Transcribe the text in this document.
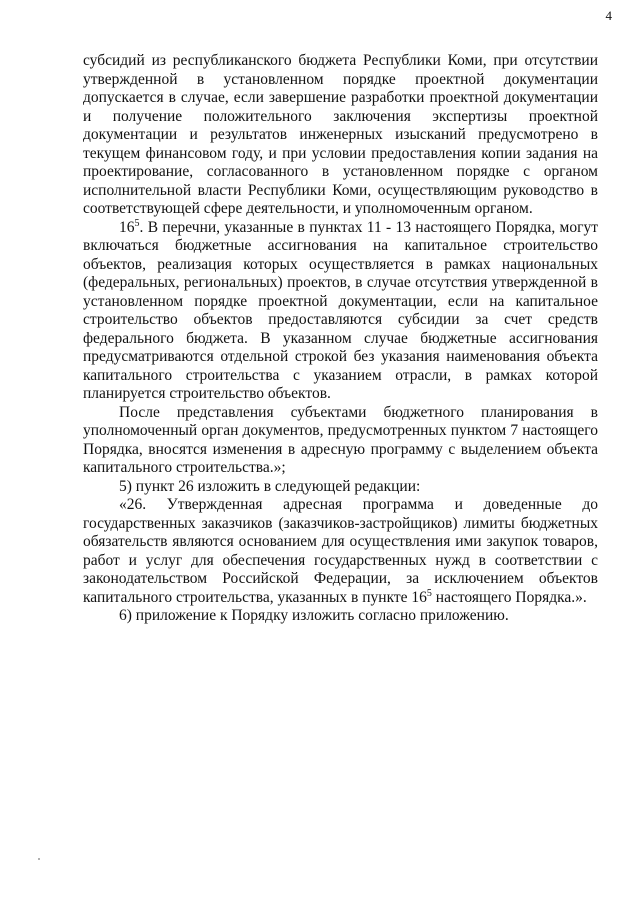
4

субсидий из республиканского бюджета Республики Коми, при отсутствии утвержденной в установленном порядке проектной документации допускается в случае, если завершение разработки проектной документации и получение положительного заключения экспертизы проектной документации и результатов инженерных изысканий предусмотрено в текущем финансовом году, и при условии предоставления копии задания на проектирование, согласованного в установленном порядке с органом исполнительной власти Республики Коми, осуществляющим руководство в соответствующей сфере деятельности, и уполномоченным органом.

$16^5$. В перечни, указанные в пунктах 11 - 13 настоящего Порядка, могут включаться бюджетные ассигнования на капитальное строительство объектов, реализация которых осуществляется в рамках национальных (федеральных, региональных) проектов, в случае отсутствия утвержденной в установленном порядке проектной документации, если на капитальное строительство объектов предоставляются субсидии за счет средств федерального бюджета. В указанном случае бюджетные ассигнования предусматриваются отдельной строкой без указания наименования объекта капитального строительства с указанием отрасли, в рамках которой планируется строительство объектов.

После представления субъектами бюджетного планирования в уполномоченный орган документов, предусмотренных пунктом 7 настоящего Порядка, вносятся изменения в адресную программу с выделением объекта капитального строительства.»;

5) пункт 26 изложить в следующей редакции:

«26. Утвержденная адресная программа и доведенные до государственных заказчиков (заказчиков-застройщиков) лимиты бюджетных обязательств являются основанием для осуществления ими закупок товаров, работ и услуг для обеспечения государственных нужд в соответствии с законодательством Российской Федерации, за исключением объектов капитального строительства, указанных в пункте $16^5$ настоящего Порядка.».

6) приложение к Порядку изложить согласно приложению.
